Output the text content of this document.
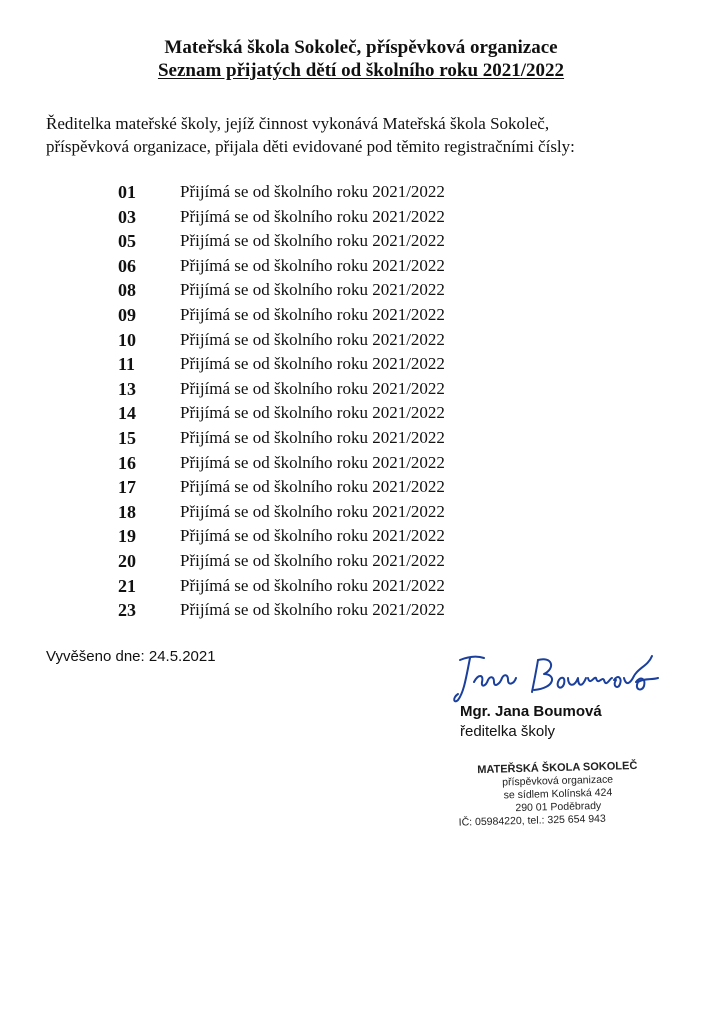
Mateřská škola Sokoleč, příspěvková organizace
Seznam přijatých dětí od školního roku 2021/2022
Ředitelka mateřské školy, jejíž činnost vykonává Mateřská škola Sokoleč,
příspěvková organizace, přijala děti evidované pod těmito registračními čísly:
01	Přijímá se od školního roku 2021/2022
03	Přijímá se od školního roku 2021/2022
05	Přijímá se od školního roku 2021/2022
06	Přijímá se od školního roku 2021/2022
08	Přijímá se od školního roku 2021/2022
09	Přijímá se od školního roku 2021/2022
10	Přijímá se od školního roku 2021/2022
11	Přijímá se od školního roku 2021/2022
13	Přijímá se od školního roku 2021/2022
14	Přijímá se od školního roku 2021/2022
15	Přijímá se od školního roku 2021/2022
16	Přijímá se od školního roku 2021/2022
17	Přijímá se od školního roku 2021/2022
18	Přijímá se od školního roku 2021/2022
19	Přijímá se od školního roku 2021/2022
20	Přijímá se od školního roku 2021/2022
21	Přijímá se od školního roku 2021/2022
23	Přijímá se od školního roku 2021/2022
Vyvěšeno dne: 24.5.2021
Mgr. Jana Boumová
ředitelka školy
MATEŘSKÁ ŠKOLA SOKOLEČ
příspěvková organizace
se sídlem Kolínská 424
290 01 Poděbrady
IČ: 05984220, tel.: 325 654 943
